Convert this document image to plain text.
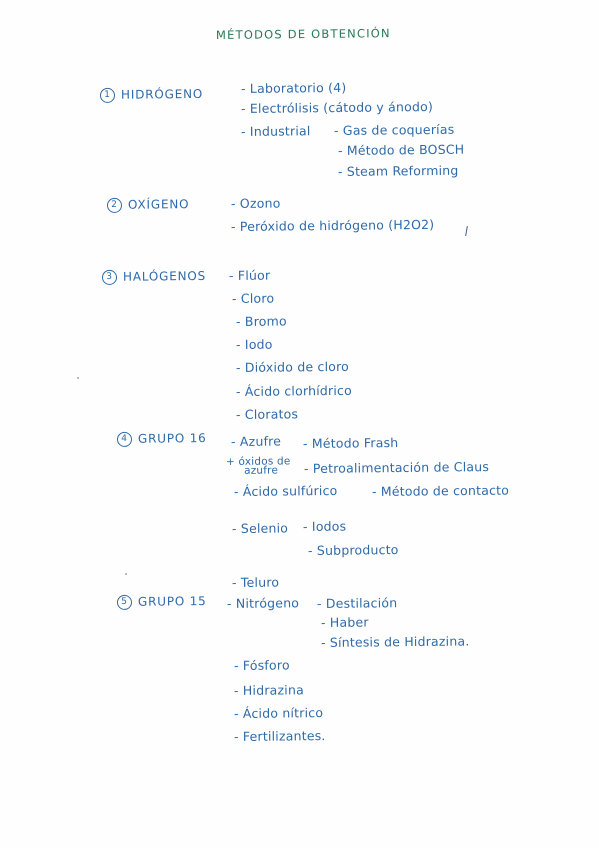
MÉTODOS DE OBTENCIÓN
1 HIDRÓGENO	- Laboratorio (4)
- Electrólisis (cátodo y ánodo)
- Industrial - Gas de coquerías
- Método de BOSCH
- Steam Reforming
2 OXÍGENO	- Ozono
- Peróxido de hidrógeno (H2O2)
3 HALÓGENOS - Flúor
- Cloro
- Bromo
- Iodo
- Dióxido de cloro
- Ácido clorhídrico
- Cloratos
4 GRUPO 16 - Azufre - Método Frash
+ óxidos de
azufre	- Petroalimentación de Claus
- Ácido sulfúrico	- Método de contacto
- Selenio - Iodos
- Subproducto
- Teluro
5 GRUPO 15 - Nitrógeno - Destilación
- Haber
- Síntesis de Hidrazina.
- Fósforo
- Hidrazina
- Ácido nítrico
- Fertilizantes.
